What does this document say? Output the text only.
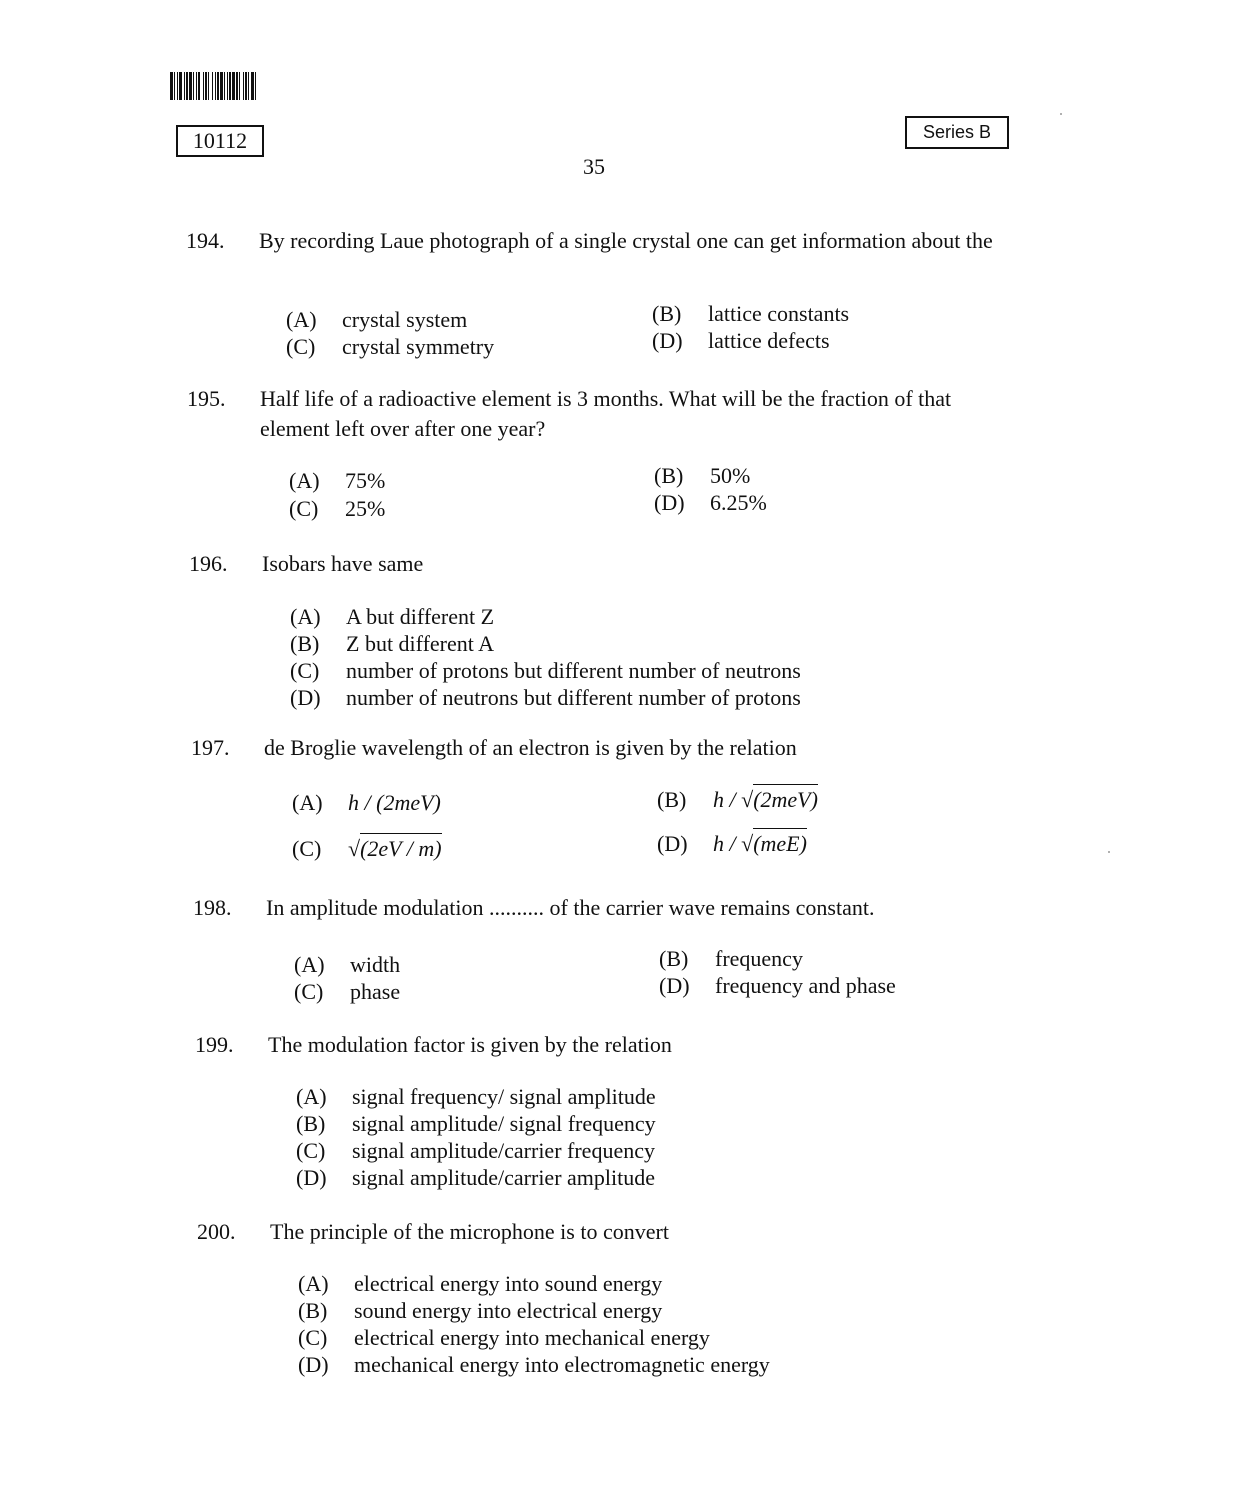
10112	Series B
35
194. By recording Laue photograph of a single crystal one can get information about the
(A) crystal system	(B) lattice constants
(C) crystal symmetry	(D) lattice defects
195. Half life of a radioactive element is 3 months. What will be the fraction of that element left over after one year?
(A) 75%	(B) 50%
(C) 25%	(D) 6.25%
196. Isobars have same
(A) A but different Z
(B) Z but different A
(C) number of protons but different number of neutrons
(D) number of neutrons but different number of protons
197. de Broglie wavelength of an electron is given by the relation
(A) h / (2meV)	(B) h / √(2meV)
(C) √(2eV / m)	(D) h / √(meE)
198. In amplitude modulation .......... of the carrier wave remains constant.
(A) width	(B) frequency
(C) phase	(D) frequency and phase
199. The modulation factor is given by the relation
(A) signal frequency/ signal amplitude
(B) signal amplitude/ signal frequency
(C) signal amplitude/carrier frequency
(D) signal amplitude/carrier amplitude
200. The principle of the microphone is to convert
(A) electrical energy into sound energy
(B) sound energy into electrical energy
(C) electrical energy into mechanical energy
(D) mechanical energy into electromagnetic energy
